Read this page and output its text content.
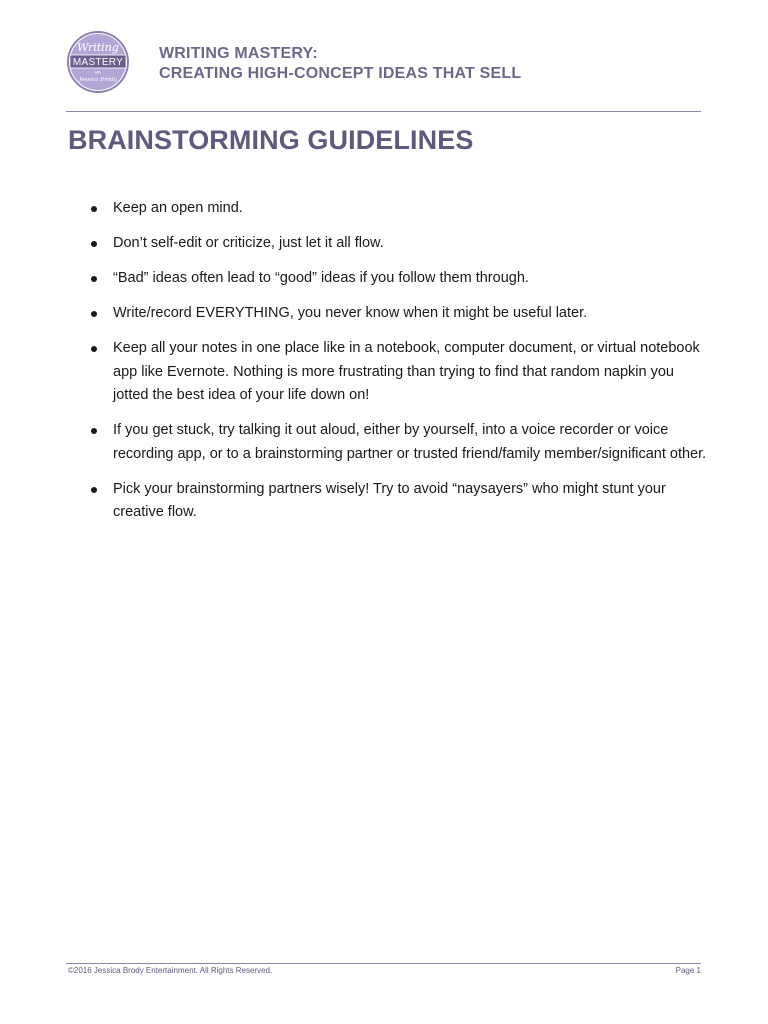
Writing
MASTERY
with
Jessica Brody
WRITING MASTERY:
CREATING HIGH-CONCEPT IDEAS THAT SELL
BRAINSTORMING GUIDELINES
Keep an open mind.
Don’t self-edit or criticize, just let it all flow.
“Bad” ideas often lead to “good” ideas if you follow them through.
Write/record EVERYTHING, you never know when it might be useful later.
Keep all your notes in one place like in a notebook, computer document, or virtual notebook app like Evernote. Nothing is more frustrating than trying to find that random napkin you jotted the best idea of your life down on!
If you get stuck, try talking it out aloud, either by yourself, into a voice recorder or voice recording app, or to a brainstorming partner or trusted friend/family member/significant other.
Pick your brainstorming partners wisely! Try to avoid “naysayers” who might stunt your creative flow.
©2016 Jessica Brody Entertainment. All Rights Reserved.	Page 1
